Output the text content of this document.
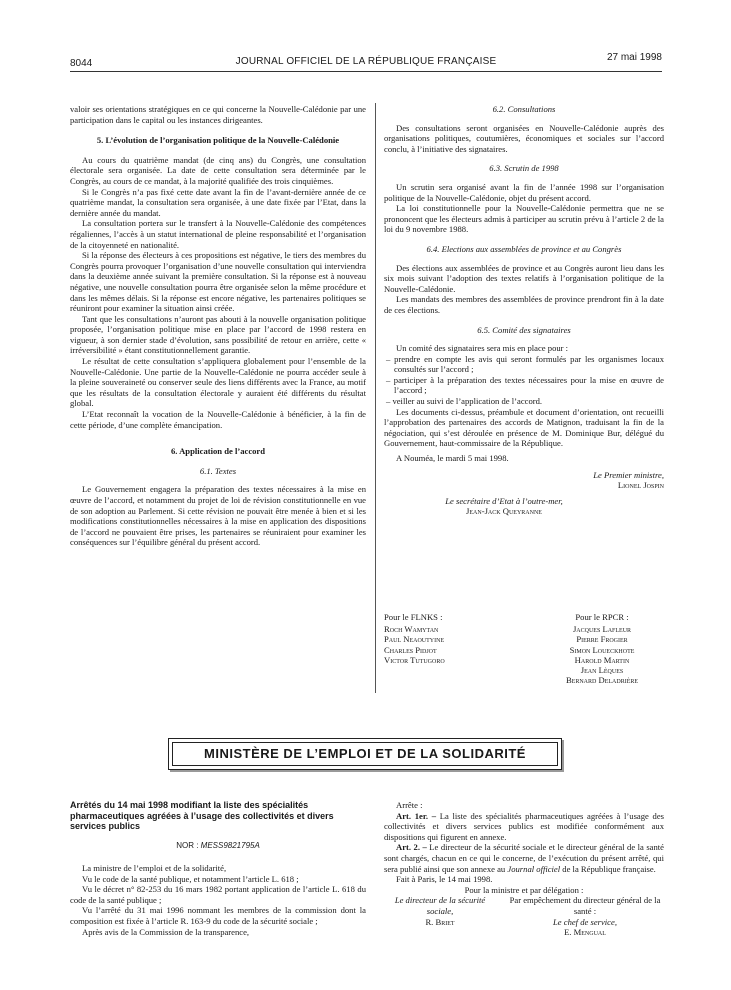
8044	JOURNAL OFFICIEL DE LA RÉPUBLIQUE FRANÇAISE	27 mai 1998

valoir ses orientations stratégiques en ce qui concerne la Nouvelle-Calédonie par une participation dans le capital ou les instances dirigeantes.

5. L’évolution de l’organisation politique de la Nouvelle-Calédonie

Au cours du quatrième mandat (de cinq ans) du Congrès, une consultation électorale sera organisée. La date de cette consultation sera déterminée par le Congrès, au cours de ce mandat, à la majorité qualifiée des trois cinquièmes.

Si le Congrès n’a pas fixé cette date avant la fin de l’avant-dernière année de ce quatrième mandat, la consultation sera organisée, à une date fixée par l’Etat, dans la dernière année du mandat.

La consultation portera sur le transfert à la Nouvelle-Calédonie des compétences régaliennes, l’accès à un statut international de pleine responsabilité et l’organisation de la citoyenneté en nationalité.

Si la réponse des électeurs à ces propositions est négative, le tiers des membres du Congrès pourra provoquer l’organisation d’une nouvelle consultation qui interviendra dans la deuxième année suivant la première consultation. Si la réponse est à nouveau négative, une nouvelle consultation pourra être organisée selon la même procédure et dans les mêmes délais. Si la réponse est encore négative, les partenaires politiques se réuniront pour examiner la situation ainsi créée.

Tant que les consultations n’auront pas abouti à la nouvelle organisation politique proposée, l’organisation politique mise en place par l’accord de 1998 restera en vigueur, à son dernier stade d’évolution, sans possibilité de retour en arrière, cette « irréversibilité » étant constitutionnellement garantie.

Le résultat de cette consultation s’appliquera globalement pour l’ensemble de la Nouvelle-Calédonie. Une partie de la Nouvelle-Calédonie ne pourra accéder seule à la pleine souveraineté ou conserver seule des liens différents avec la France, au motif que les résultats de la consultation électorale y auraient été différents du résultat global.

L’Etat reconnaît la vocation de la Nouvelle-Calédonie à bénéficier, à la fin de cette période, d’une complète émancipation.

6. Application de l’accord
6.1. Textes

Le Gouvernement engagera la préparation des textes nécessaires à la mise en œuvre de l’accord, et notamment du projet de loi de révision constitutionnelle en vue de son adoption au Parlement. Si cette révision ne pouvait être menée à bien et si les modifications constitutionnelles nécessaires à la mise en application des dispositions de l’accord ne pouvaient être prises, les partenaires se réuniraient pour examiner les conséquences sur l’équilibre général du présent accord.

6.2. Consultations

Des consultations seront organisées en Nouvelle-Calédonie auprès des organisations politiques, coutumières, économiques et sociales sur l’accord conclu, à l’initiative des signataires.

6.3. Scrutin de 1998

Un scrutin sera organisé avant la fin de l’année 1998 sur l’organisation politique de la Nouvelle-Calédonie, objet du présent accord.

La loi constitutionnelle pour la Nouvelle-Calédonie permettra que ne se prononcent que les électeurs admis à participer au scrutin prévu à l’article 2 de la loi du 9 novembre 1988.

6.4. Elections aux assemblées de province et au Congrès

Des élections aux assemblées de province et au Congrès auront lieu dans les six mois suivant l’adoption des textes relatifs à l’organisation politique de la Nouvelle-Calédonie.

Les mandats des membres des assemblées de province prendront fin à la date de ces élections.

6.5. Comité des signataires

Un comité des signataires sera mis en place pour :

– prendre en compte les avis qui seront formulés par les organismes locaux consultés sur l’accord ;

– participer à la préparation des textes nécessaires pour la mise en œuvre de l’accord ;

– veiller au suivi de l’application de l’accord.

Les documents ci-dessus, préambule et document d’orientation, ont recueilli l’approbation des partenaires des accords de Matignon, traduisant la fin de la négociation, qui s’est déroulée en présence de M. Dominique Bur, délégué du Gouvernement, haut-commissaire de la République.

A Nouméa, le mardi 5 mai 1998.

Le Premier ministre,
Lionel Jospin
Le secrétaire d’Etat à l’outre-mer,
Jean-Jack Queyranne
Pour le FLNKS :
Roch Wamytan
Paul Neaoutyine
Charles Pidjot
Victor Tutugoro
Pour le RPCR :
Jacques Lafleur
Pierre Frogier
Simon Loueckhote
Harold Martin
Jean Lèques
Bernard Deladrière
MINISTÈRE DE L’EMPLOI ET DE LA SOLIDARITÉ
Arrêtés du 14 mai 1998 modifiant la liste des spécialités pharmaceutiques agréées à l’usage des collectivités et divers services publics
NOR : MESS9821795A

La ministre de l’emploi et de la solidarité,

Vu le code de la santé publique, et notamment l’article L. 618 ;

Vu le décret n° 82-253 du 16 mars 1982 portant application de l’article L. 618 du code de la santé publique ;

Vu l’arrêté du 31 mai 1996 nommant les membres de la commission dont la composition est fixée à l’article R. 163-9 du code de la sécurité sociale ;

Après avis de la Commission de la transparence,

Arrête :

Art. 1er. – La liste des spécialités pharmaceutiques agréées à l’usage des collectivités et divers services publics est modifiée conformément aux dispositions qui figurent en annexe.

Art. 2. – Le directeur de la sécurité sociale et le directeur général de la santé sont chargés, chacun en ce qui le concerne, de l’exécution du présent arrêté, qui sera publié ainsi que son annexe au Journal officiel de la République française.

Fait à Paris, le 14 mai 1998.

Pour la ministre et par délégation :
Le directeur de la sécurité sociale,
R. Briet
Par empêchement du directeur général de la santé :
Le chef de service,
E. Mengual
